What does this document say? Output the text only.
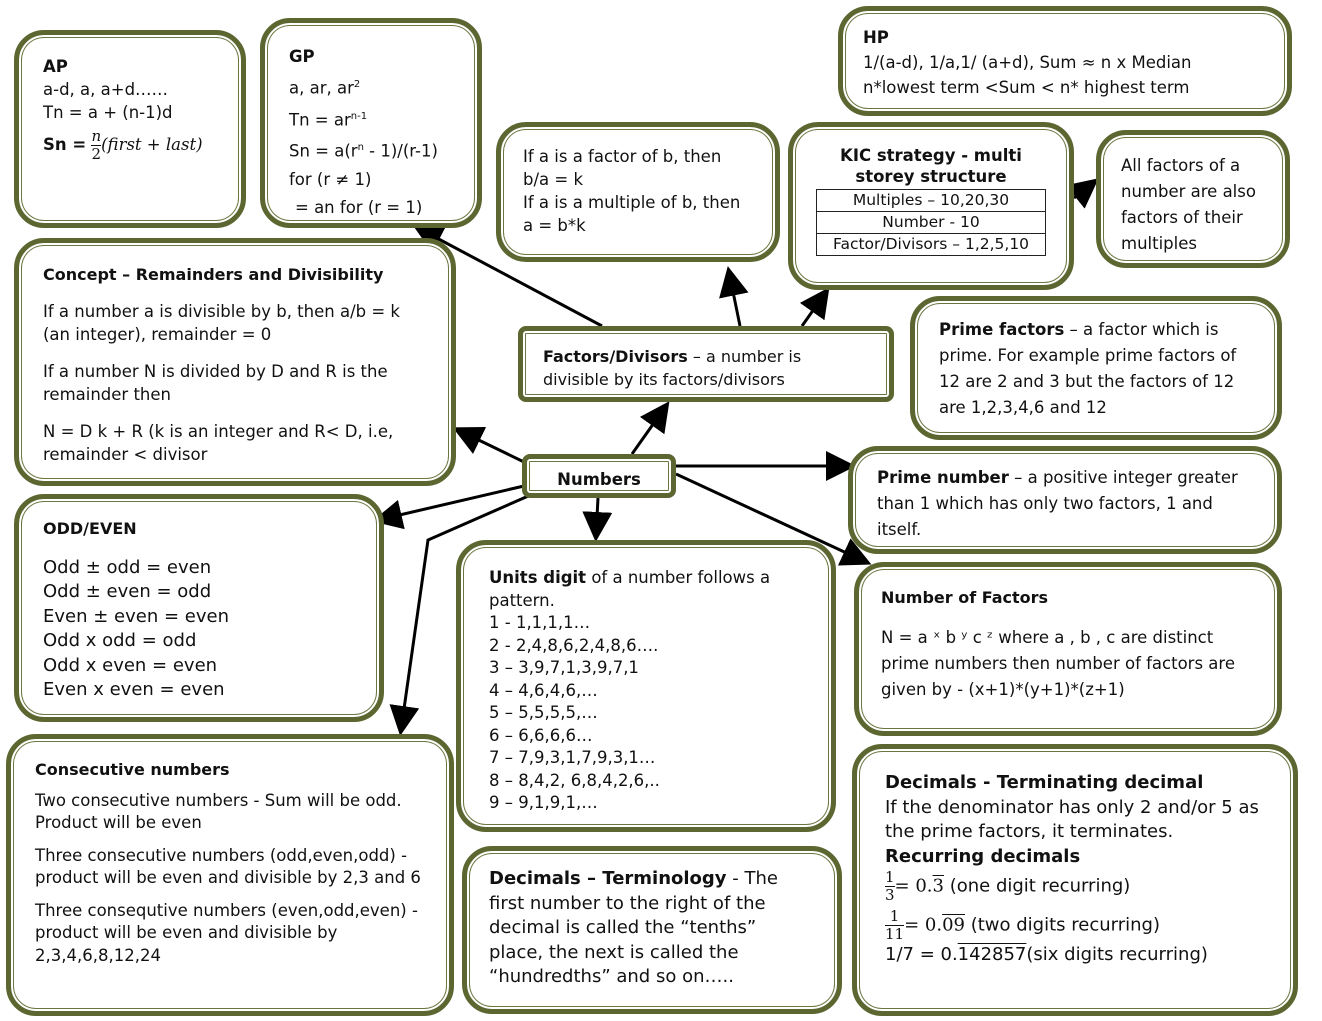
AP

a-d, a, a+d……

Tn = a + (n-1)d

$Sn = \frac{n}{2}$ (first + last)

GP

a, ar, $ar^2$

$Tn = ar^{n-1}$

$Sn = a(r^n - 1)/(r-1)$

for (r ≠ 1)

= an for (r = 1)

HP

1/(a-d), 1/a,1/ (a+d), Sum ≈ n x Median

n*lowest term <Sum < n* highest term

If a is a factor of b, then

b/a = k

If a is a multiple of b, then

a = b*k

KIC strategy - multi storey structure

Multiples – 10,20,30
Number - 10
Factor/Divisors – 1,2,5,10

All factors of a number are also factors of their multiples

Concept – Remainders and Divisibility

If a number a is divisible by b, then a/b = k (an integer), remainder = 0

If a number N is divided by D and R is the remainder then

N = D k + R (k is an integer and R< D, i.e, remainder < divisor

Factors/Divisors – a number is divisible by its factors/divisors

Prime factors – a factor which is prime. For example prime factors of 12 are 2 and 3 but the factors of 12 are 1,2,3,4,6 and 12

Numbers	Prime number – a positive integer greater than 1 which has only two factors, 1 and itself.

ODD/EVEN

Odd ± odd = even

Odd ± even = odd

Even ± even = even

Odd x odd = odd

Odd x even = even

Even x even = even

Units digit of a number follows a pattern.

1 - 1,1,1,1…

2 - 2,4,8,6,2,4,8,6….

3 – 3,9,7,1,3,9,7,1

4 – 4,6,4,6,…

5 – 5,5,5,5,…

6 – 6,6,6,6…

7 – 7,9,3,1,7,9,3,1…

8 – 8,4,2, 6,8,4,2,6,..

9 – 9,1,9,1,…

Number of Factors

N = a ˣ b ʸ c ᶻ where a , b , c are distinct prime numbers then number of factors are given by - (x+1)*(y+1)*(z+1)

Consecutive numbers

Two consecutive numbers - Sum will be odd. Product will be even

Three consecutive numbers (odd,even,odd) - product will be even and divisible by 2,3 and 6

Three consequtive numbers (even,odd,even) - product will be even and divisible by 2,3,4,6,8,12,24

Decimals – Terminology - The first number to the right of the decimal is called the “tenths” place, the next is called the “hundredths” and so on…..

Decimals - Terminating decimal

If the denominator has only 2 and/or 5 as the prime factors, it terminates.

Recurring decimals

$\frac{1}{3} = 0.3$ (one digit recurring)

$\frac{1}{11} = 0.09$ (two digits recurring)

1/7 = 0.142857(six digits recurring)
